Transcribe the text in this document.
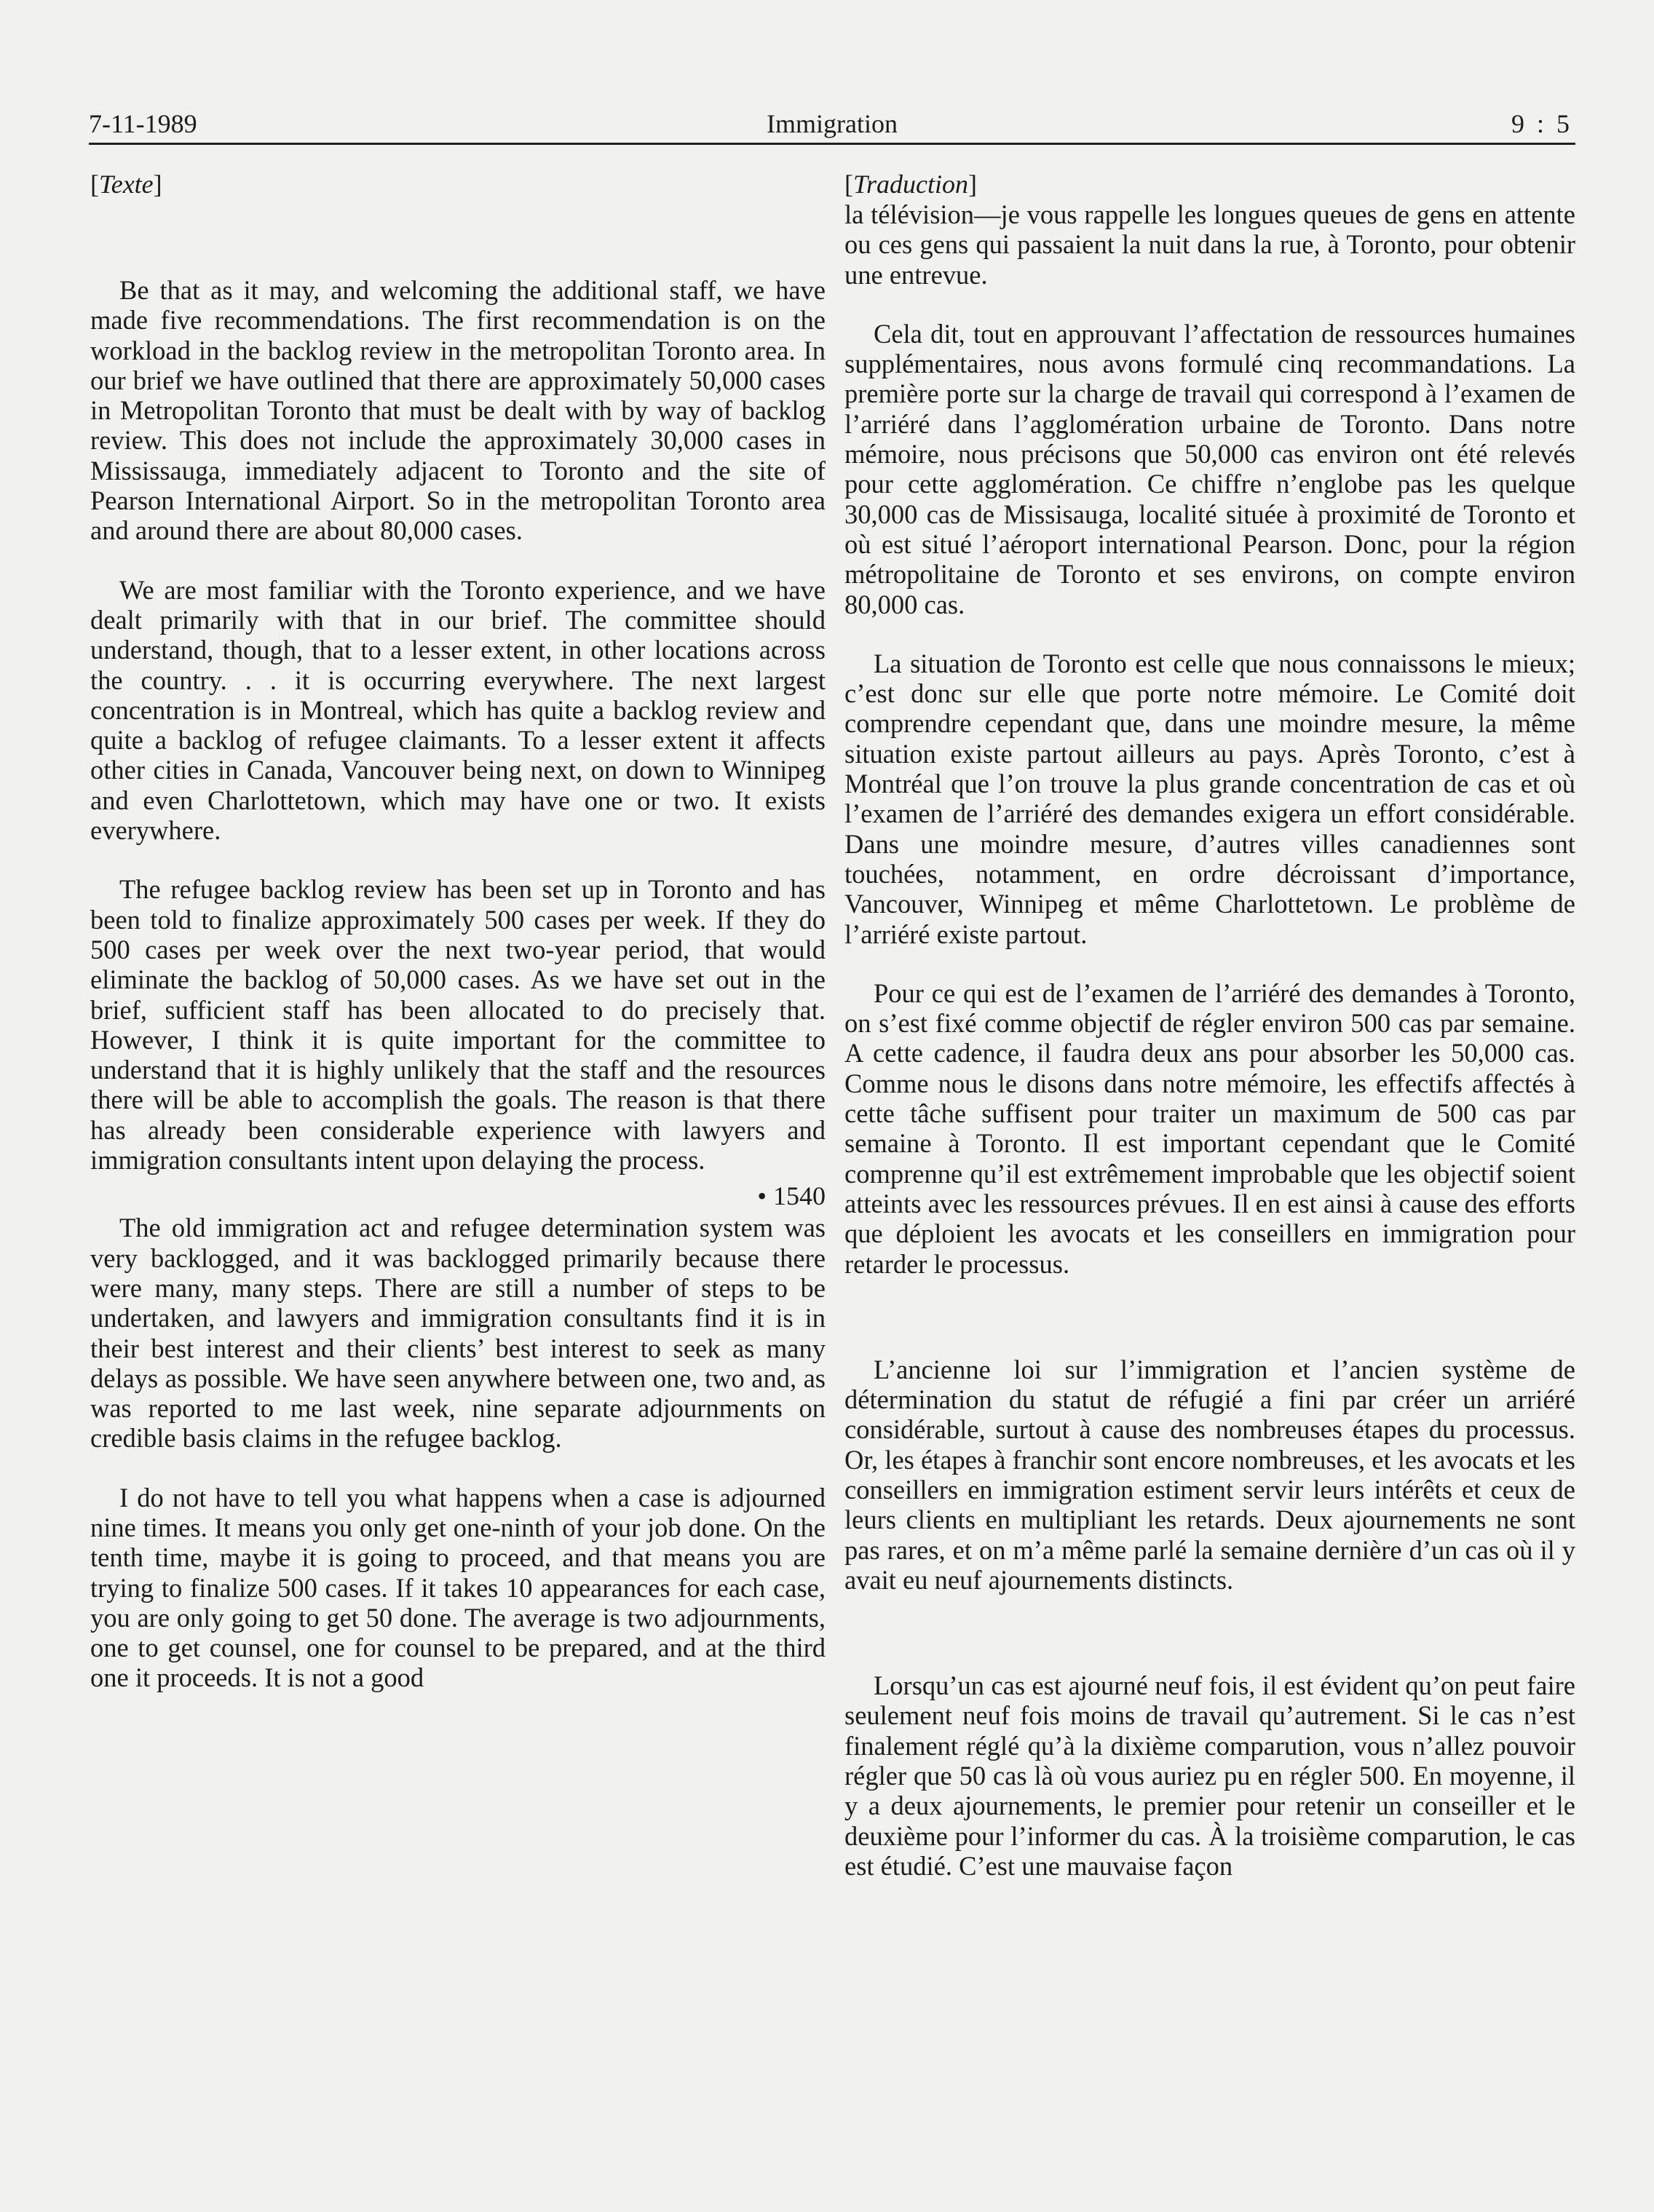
7-11-1989	Immigration	9 : 5
[Texte]

Be that as it may, and welcoming the additional staff, we have made five recommendations. The first recommendation is on the workload in the backlog review in the metropolitan Toronto area. In our brief we have outlined that there are approximately 50,000 cases in Metropolitan Toronto that must be dealt with by way of backlog review. This does not include the approximately 30,000 cases in Mississauga, immediately adjacent to Toronto and the site of Pearson International Airport. So in the metropolitan Toronto area and around there are about 80,000 cases.

We are most familiar with the Toronto experience, and we have dealt primarily with that in our brief. The committee should understand, though, that to a lesser extent, in other locations across the country. . . it is occurring everywhere. The next largest concentration is in Montreal, which has quite a backlog review and quite a backlog of refugee claimants. To a lesser extent it affects other cities in Canada, Vancouver being next, on down to Winnipeg and even Charlottetown, which may have one or two. It exists everywhere.

The refugee backlog review has been set up in Toronto and has been told to finalize approximately 500 cases per week. If they do 500 cases per week over the next two-year period, that would eliminate the backlog of 50,000 cases. As we have set out in the brief, sufficient staff has been allocated to do precisely that. However, I think it is quite important for the committee to understand that it is highly unlikely that the staff and the resources there will be able to accomplish the goals. The reason is that there has already been considerable experience with lawyers and immigration consultants intent upon delaying the process.

• 1540

The old immigration act and refugee determination system was very backlogged, and it was backlogged primarily because there were many, many steps. There are still a number of steps to be undertaken, and lawyers and immigration consultants find it is in their best interest and their clients’ best interest to seek as many delays as possible. We have seen anywhere between one, two and, as was reported to me last week, nine separate adjournments on credible basis claims in the refugee backlog.

I do not have to tell you what happens when a case is adjourned nine times. It means you only get one-ninth of your job done. On the tenth time, maybe it is going to proceed, and that means you are trying to finalize 500 cases. If it takes 10 appearances for each case, you are only going to get 50 done. The average is two adjournments, one to get counsel, one for counsel to be prepared, and at the third one it proceeds. It is not a good

[Traduction]

la télévision—je vous rappelle les longues queues de gens en attente ou ces gens qui passaient la nuit dans la rue, à Toronto, pour obtenir une entrevue.

Cela dit, tout en approuvant l’affectation de ressources humaines supplémentaires, nous avons formulé cinq recommandations. La première porte sur la charge de travail qui correspond à l’examen de l’arriéré dans l’agglomération urbaine de Toronto. Dans notre mémoire, nous précisons que 50,000 cas environ ont été relevés pour cette agglomération. Ce chiffre n’englobe pas les quelque 30,000 cas de Missisauga, localité située à proximité de Toronto et où est situé l’aéroport international Pearson. Donc, pour la région métropolitaine de Toronto et ses environs, on compte environ 80,000 cas.

La situation de Toronto est celle que nous connaissons le mieux; c’est donc sur elle que porte notre mémoire. Le Comité doit comprendre cependant que, dans une moindre mesure, la même situation existe partout ailleurs au pays. Après Toronto, c’est à Montréal que l’on trouve la plus grande concentration de cas et où l’examen de l’arriéré des demandes exigera un effort considérable. Dans une moindre mesure, d’autres villes canadiennes sont touchées, notamment, en ordre décroissant d’importance, Vancouver, Winnipeg et même Charlottetown. Le problème de l’arriéré existe partout.

Pour ce qui est de l’examen de l’arriéré des demandes à Toronto, on s’est fixé comme objectif de régler environ 500 cas par semaine. A cette cadence, il faudra deux ans pour absorber les 50,000 cas. Comme nous le disons dans notre mémoire, les effectifs affectés à cette tâche suffisent pour traiter un maximum de 500 cas par semaine à Toronto. Il est important cependant que le Comité comprenne qu’il est extrêmement improbable que les objectif soient atteints avec les ressources prévues. Il en est ainsi à cause des efforts que déploient les avocats et les conseillers en immigration pour retarder le processus.

L’ancienne loi sur l’immigration et l’ancien système de détermination du statut de réfugié a fini par créer un arriéré considérable, surtout à cause des nombreuses étapes du processus. Or, les étapes à franchir sont encore nombreuses, et les avocats et les conseillers en immigration estiment servir leurs intérêts et ceux de leurs clients en multipliant les retards. Deux ajournements ne sont pas rares, et on m’a même parlé la semaine dernière d’un cas où il y avait eu neuf ajournements distincts.

Lorsqu’un cas est ajourné neuf fois, il est évident qu’on peut faire seulement neuf fois moins de travail qu’autrement. Si le cas n’est finalement réglé qu’à la dixième comparution, vous n’allez pouvoir régler que 50 cas là où vous auriez pu en régler 500. En moyenne, il y a deux ajournements, le premier pour retenir un conseiller et le deuxième pour l’informer du cas. À la troisième comparution, le cas est étudié. C’est une mauvaise façon
